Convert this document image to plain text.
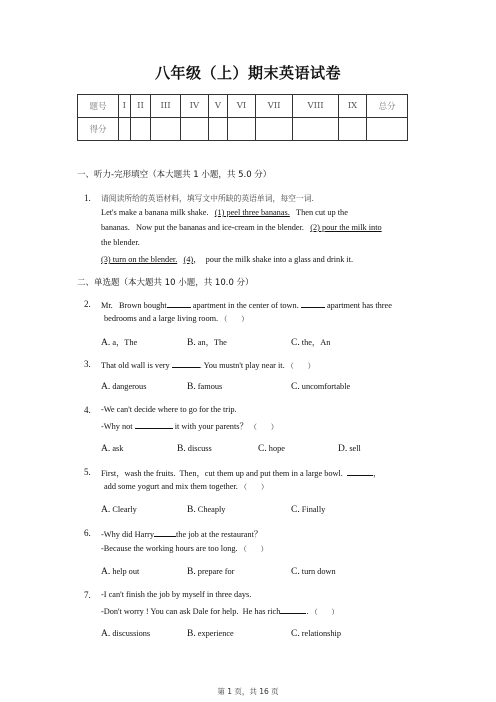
八年级（上）期末英语试卷
题号	I	II	III	IV	V	VI	VII	VIII	IX	总分
得分										
一、听力-完形填空（本大题共 1 小题，共 5.0 分）
1. 请阅读所给的英语材料，填写文中所缺的英语单词，每空一词.
Let's make a banana milk shake. (1) peel three bananas. Then cut up the
bananas. Now put the bananas and ice-cream in the blender. (2) pour the milk into
the blender.
(3) turn on the blender. (4)，  pour the milk shake into a glass and drink it.
二、单选题（本大题共 10 小题，共 10.0 分）
2. Mr. Brown bought	apartment in the center of town.	apartment has three
bedrooms and a large living room. （　　）
A. a，The	B. an，The	C. the，An
3. That old wall is very	. You mustn't play near it. （　　）
A. dangerous	B. famous	C. uncomfortable
4. -We can't decide where to go for the trip.
-Why not	it with your parents？ （　　）
A. ask	B. discuss	C. hope	D. sell
5. First，wash the fruits. Then，cut them up and put them in a large bowl.	，
add some yogurt and mix them together. （　　）
A. Clearly	B. Cheaply	C. Finally
6. -Why did Harry	the job at the restaurant？
-Because the working hours are too long. （　　）
A. help out	B. prepare for	C. turn down
7. -I can't finish the job by myself in three days.
-Don't worry ! You can ask Dale for help. He has rich	. （　　）
A. discussions	B. experience	C. relationship
第 1 页，共 16 页
